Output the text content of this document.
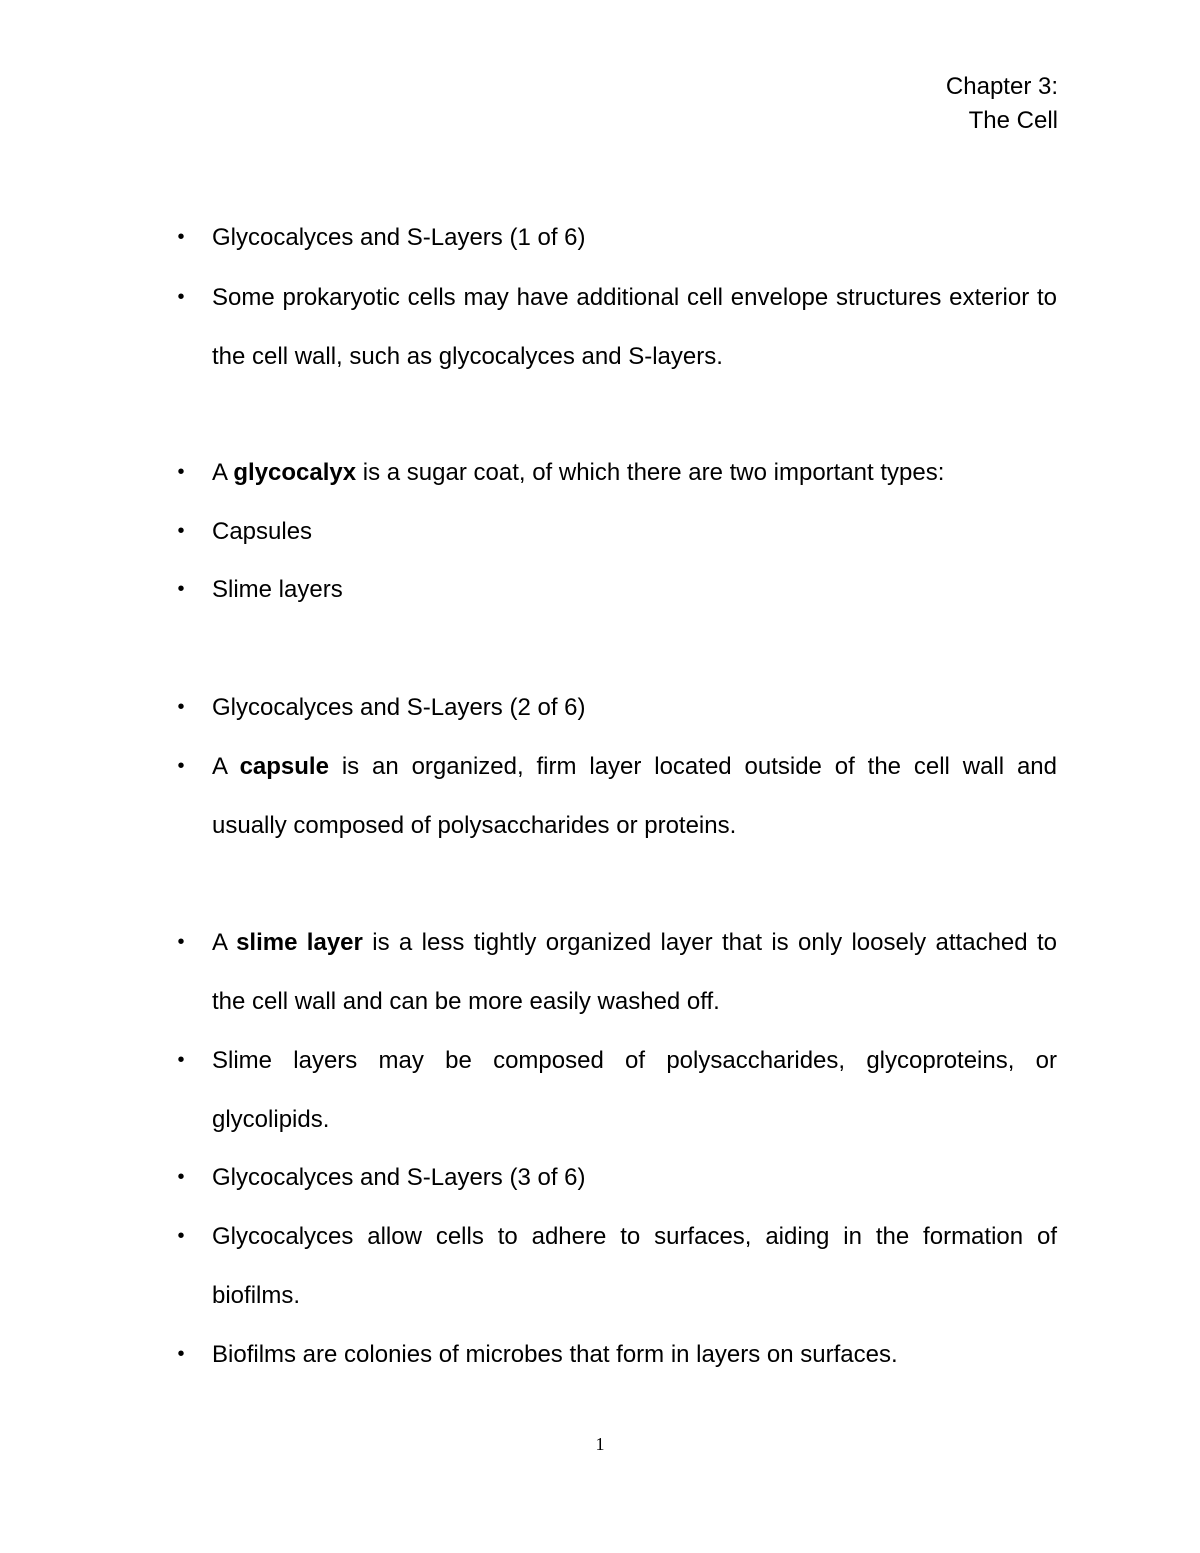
Chapter 3:
The Cell
• Glycocalyces and S-Layers (1 of 6)
• Some prokaryotic cells may have additional cell envelope structures exterior to the cell wall, such as glycocalyces and S-layers.
• A glycocalyx is a sugar coat, of which there are two important types:
• Capsules
• Slime layers
• Glycocalyces and S-Layers (2 of 6)
• A capsule is an organized, firm layer located outside of the cell wall and usually composed of polysaccharides or proteins.
• A slime layer is a less tightly organized layer that is only loosely attached to the cell wall and can be more easily washed off.
• Slime layers may be composed of polysaccharides, glycoproteins, or glycolipids.
• Glycocalyces and S-Layers (3 of 6)
• Glycocalyces allow cells to adhere to surfaces, aiding in the formation of biofilms.
• Biofilms are colonies of microbes that form in layers on surfaces.
1
